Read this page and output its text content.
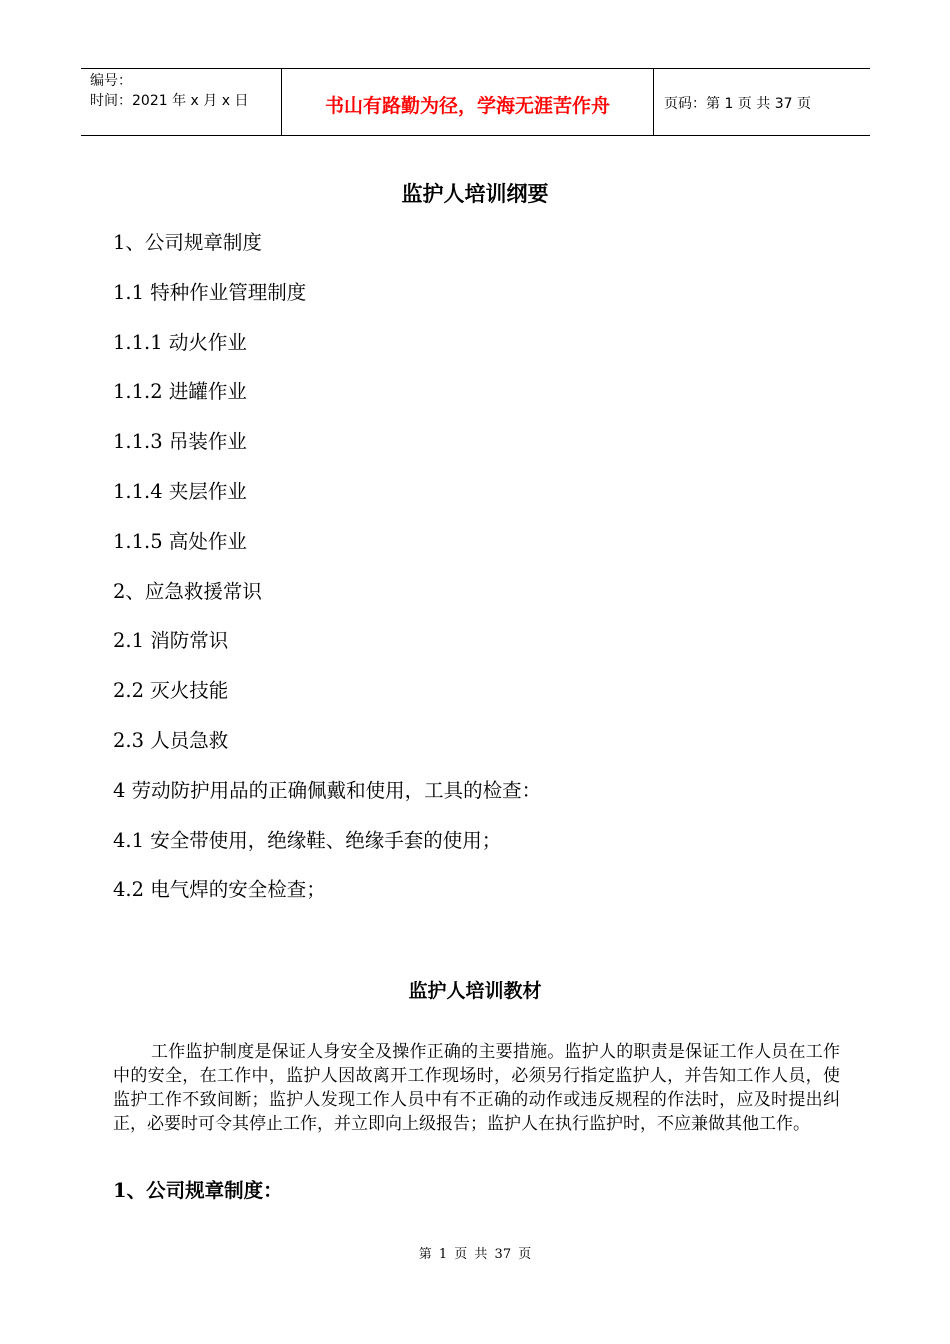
编号：
时间：2021 年 x 月 x 日	书山有路勤为径，学海无涯苦作舟	页码：第 1 页 共 37 页
监护人培训纲要
1、公司规章制度
1.1 特种作业管理制度
1.1.1 动火作业
1.1.2 进罐作业
1.1.3 吊装作业
1.1.4 夹层作业
1.1.5 高处作业
2、应急救援常识
2.1 消防常识
2.2 灭火技能
2.3 人员急救
4 劳动防护用品的正确佩戴和使用，工具的检查：
4.1 安全带使用，绝缘鞋、绝缘手套的使用；
4.2 电气焊的安全检查；
监护人培训教材

工作监护制度是保证人身安全及操作正确的主要措施。监护人的职责是保证工作人员在工作中的安全，在工作中，监护人因故离开工作现场时，必须另行指定监护人，并告知工作人员，使监护工作不致间断；监护人发现工作人员中有不正确的动作或违反规程的作法时，应及时提出纠正，必要时可令其停止工作，并立即向上级报告；监护人在执行监护时，不应兼做其他工作。

1、公司规章制度：

第 1 页 共 37 页
